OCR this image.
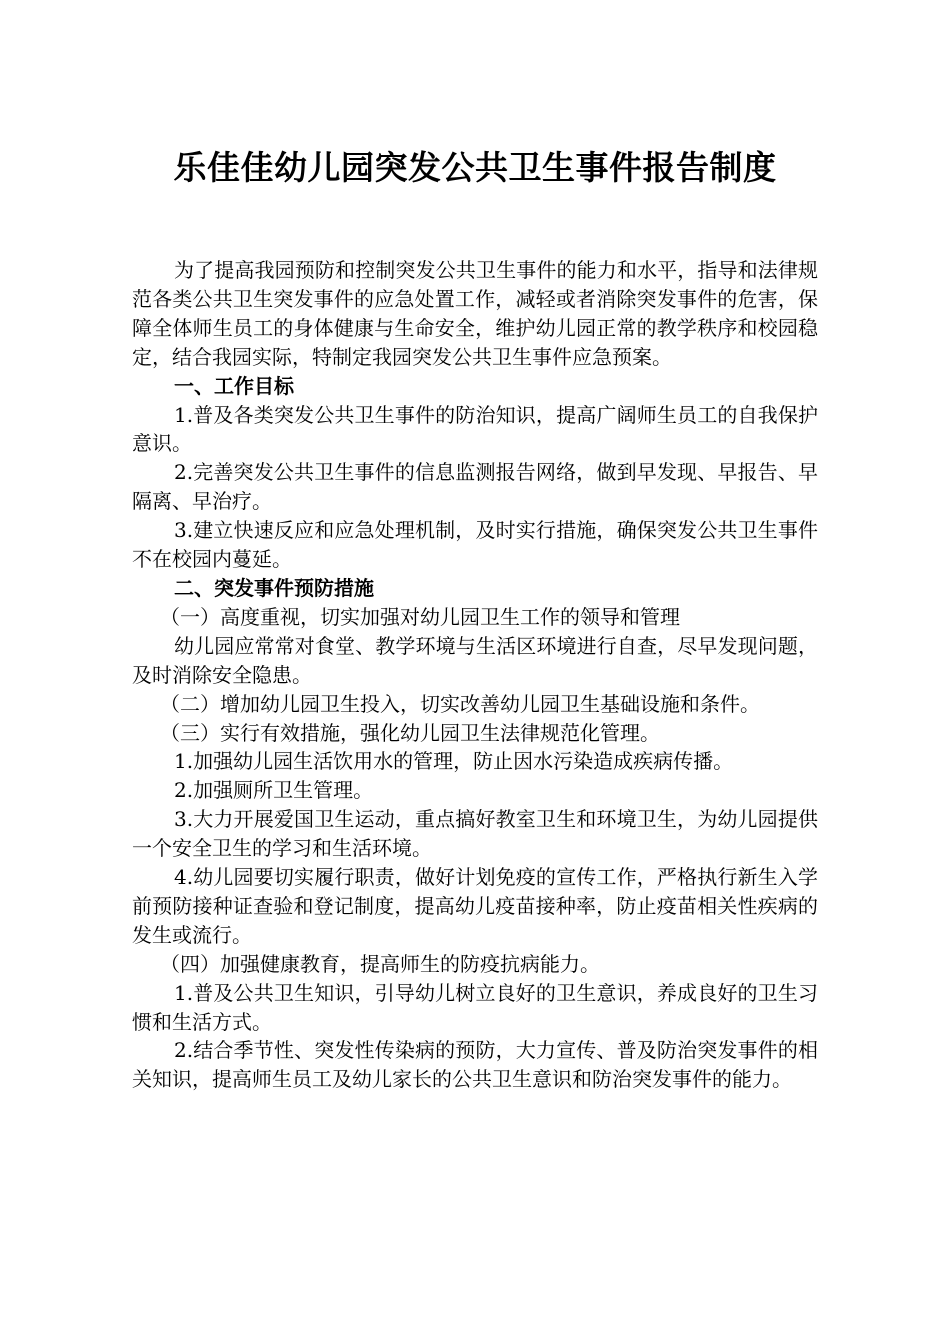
乐佳佳幼儿园突发公共卫生事件报告制度

为了提高我园预防和控制突发公共卫生事件的能力和水平，指导和法律规范各类公共卫生突发事件的应急处置工作，减轻或者消除突发事件的危害，保障全体师生员工的身体健康与生命安全，维护幼儿园正常的教学秩序和校园稳定，结合我园实际，特制定我园突发公共卫生事件应急预案。

一、工作目标

1.普及各类突发公共卫生事件的防治知识，提高广阔师生员工的自我保护意识。

2.完善突发公共卫生事件的信息监测报告网络，做到早发现、早报告、早隔离、早治疗。

3.建立快速反应和应急处理机制，及时实行措施，确保突发公共卫生事件不在校园内蔓延。

二、突发事件预防措施

（一）高度重视，切实加强对幼儿园卫生工作的领导和管理

幼儿园应常常对食堂、教学环境与生活区环境进行自查，尽早发现问题，及时消除安全隐患。

（二）增加幼儿园卫生投入，切实改善幼儿园卫生基础设施和条件。

（三）实行有效措施，强化幼儿园卫生法律规范化管理。

1.加强幼儿园生活饮用水的管理，防止因水污染造成疾病传播。

2.加强厕所卫生管理。

3.大力开展爱国卫生运动，重点搞好教室卫生和环境卫生，为幼儿园提供一个安全卫生的学习和生活环境。

4.幼儿园要切实履行职责，做好计划免疫的宣传工作，严格执行新生入学前预防接种证查验和登记制度，提高幼儿疫苗接种率，防止疫苗相关性疾病的发生或流行。

（四）加强健康教育，提高师生的防疫抗病能力。

1.普及公共卫生知识，引导幼儿树立良好的卫生意识，养成良好的卫生习惯和生活方式。

2.结合季节性、突发性传染病的预防，大力宣传、普及防治突发事件的相关知识，提高师生员工及幼儿家长的公共卫生意识和防治突发事件的能力。
